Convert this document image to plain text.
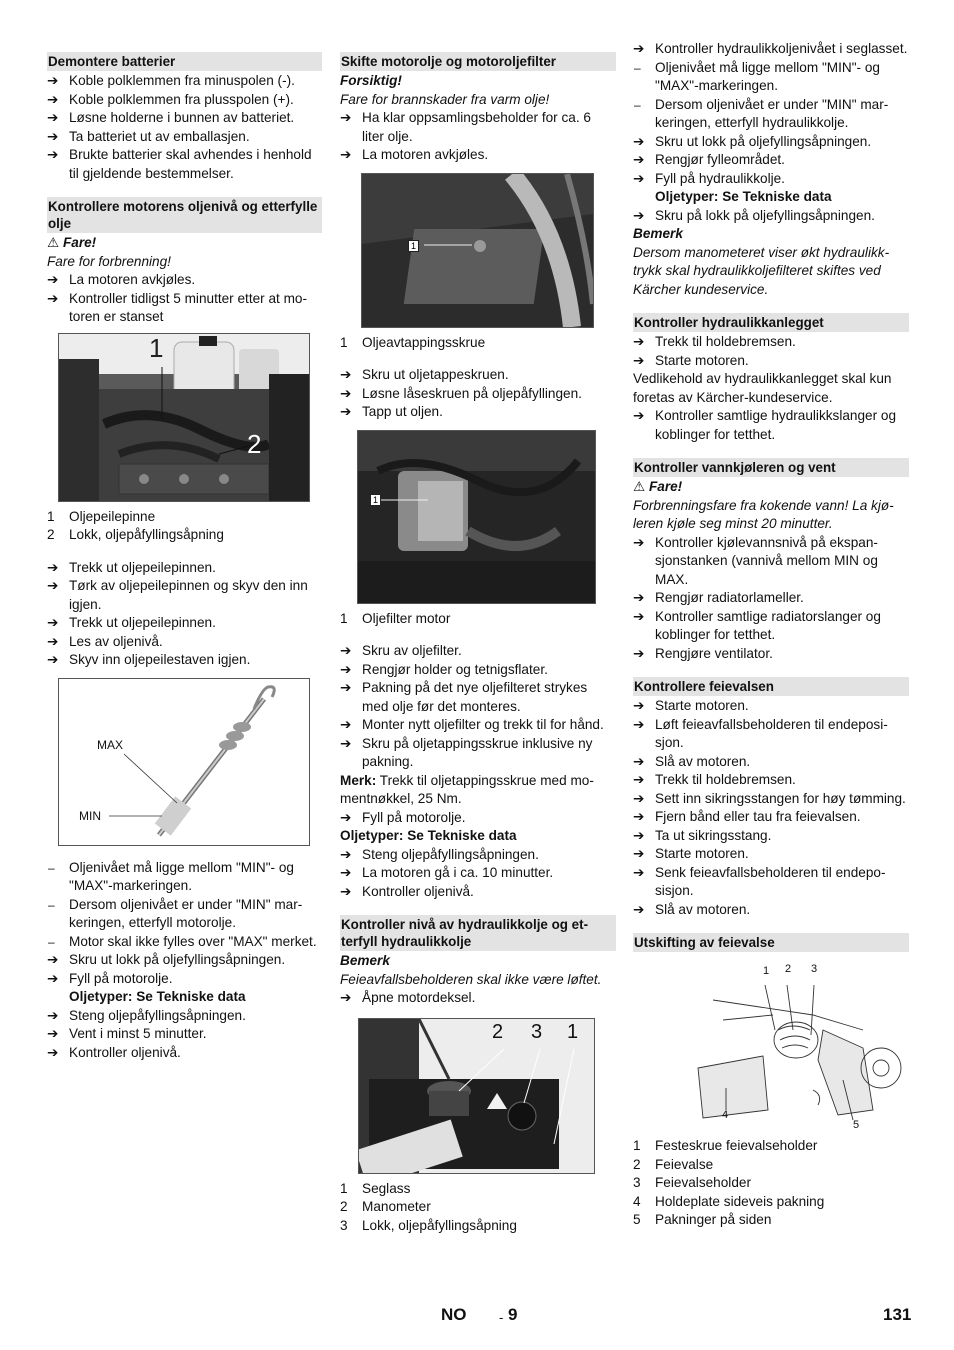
Demontere batterier
➔ Koble polklemmen fra minuspolen (-).
➔ Koble polklemmen fra plusspolen (+).
➔ Løsne holderne i bunnen av batteriet.
➔ Ta batteriet ut av emballasjen.
➔ Brukte batterier skal avhendes i henhold til gjeldende bestemmelser.
Kontrollere motorens oljenivå og etterfylle olje

⚠ Fare!

Fare for forbrenning!

➔ La motoren avkjøles.
➔ Kontroller tidligst 5 minutter etter at motoren er stanset
1
2
1 Oljepeilepinne
2 Lokk, oljepåfyllingsåpning
➔ Trekk ut oljepeilepinnen.
➔ Tørk av oljepeilepinnen og skyv den inn igjen.
➔ Trekk ut oljepeilepinnen.
➔ Les av oljenivå.
➔ Skyv inn oljepeilestaven igjen.
MAX
MIN
–	Oljenivået må ligge mellom "MIN"- og "MAX"-markeringen.
–	Dersom oljenivået er under "MIN" markeringen, etterfyll motorolje.
–	Motor skal ikke fylles over "MAX" merket.
➔ Skru ut lokk på oljefyllingsåpningen.
➔ Fyll på motorolje.

Oljetyper: Se Tekniske data

➔ Steng oljepåfyllingsåpningen.
➔ Vent i minst 5 minutter.
➔ Kontroller oljenivå.
Skifte motorolje og motoroljefilter

Forsiktig!

Fare for brannskader fra varm olje!

➔ Ha klar oppsamlingsbeholder for ca. 6 liter olje.
➔ La motoren avkjøles.
1
1 Oljeavtappingsskrue
➔ Skru ut oljetappeskruen.
➔ Løsne låseskruen på oljepåfyllingen.
➔ Tapp ut oljen.
1
1 Oljefilter motor
➔ Skru av oljefilter.
➔ Rengjør holder og tetnigsflater.
➔ Pakning på det nye oljefilteret strykes med olje før det monteres.
➔ Monter nytt oljefilter og trekk til for hånd.
➔ Skru på oljetappingsskrue inklusive ny pakning.

Merk: Trekk til oljetappingsskrue med momentnøkkel, 25 Nm.

➔ Fyll på motorolje.

Oljetyper: Se Tekniske data

➔ Steng oljepåfyllingsåpningen.
➔ La motoren gå i ca. 10 minutter.
➔ Kontroller oljenivå.
Kontroller nivå av hydraulikkolje og etterfyll hydraulikkolje

Bemerk

Feieavfallsbeholderen skal ikke være løftet.

➔ Åpne motordeksel.
2 3 1
1 Seglass
2 Manometer
3 Lokk, oljepåfyllingsåpning
➔ Kontroller hydraulikkoljenivået i seglasset.
–	Oljenivået må ligge mellom "MIN"- og "MAX"-markeringen.
–	Dersom oljenivået er under "MIN" markeringen, etterfyll hydraulikkolje.
➔ Skru ut lokk på oljefyllingsåpningen.
➔ Rengjør fylleområdet.
➔ Fyll på hydraulikkolje.

Oljetyper: Se Tekniske data

➔ Skru på lokk på oljefyllingsåpningen.

Bemerk

Dersom manometeret viser økt hydraulikktrykk skal hydraulikkoljefilteret skiftes ved Kärcher kundeservice.

Kontroller hydraulikkanlegget
➔ Trekk til holdebremsen.
➔ Starte motoren.

Vedlikehold av hydraulikkanlegget skal kun foretas av Kärcher-kundeservice.

➔ Kontroller samtlige hydraulikkslanger og koblinger for tetthet.
Kontroller vannkjøleren og vent

⚠ Fare!

Forbrenningsfare fra kokende vann! La kjøleren kjøle seg minst 20 minutter.

➔ Kontroller kjølevannsnivå på ekspansjonstanken (vannivå mellom MIN og MAX.
➔ Rengjør radiatorlameller.
➔ Kontroller samtlige radiatorslanger og koblinger for tetthet.
➔ Rengjøre ventilator.
Kontrollere feievalsen
➔ Starte motoren.
➔ Løft feieavfallsbeholderen til endeposisjon.
➔ Slå av motoren.
➔ Trekk til holdebremsen.
➔ Sett inn sikringsstangen for høy tømming.
➔ Fjern bånd eller tau fra feievalsen.
➔ Ta ut sikringsstang.
➔ Starte motoren.
➔ Senk feieavfallsbeholderen til endeposisjon.
➔ Slå av motoren.
Utskifting av feievalse
1 2 3
4
5
1 Festeskrue feievalseholder
2 Feievalse
3 Feievalseholder
4 Holdeplate sideveis pakning
5 Pakninger på siden
NO	- 9	131
